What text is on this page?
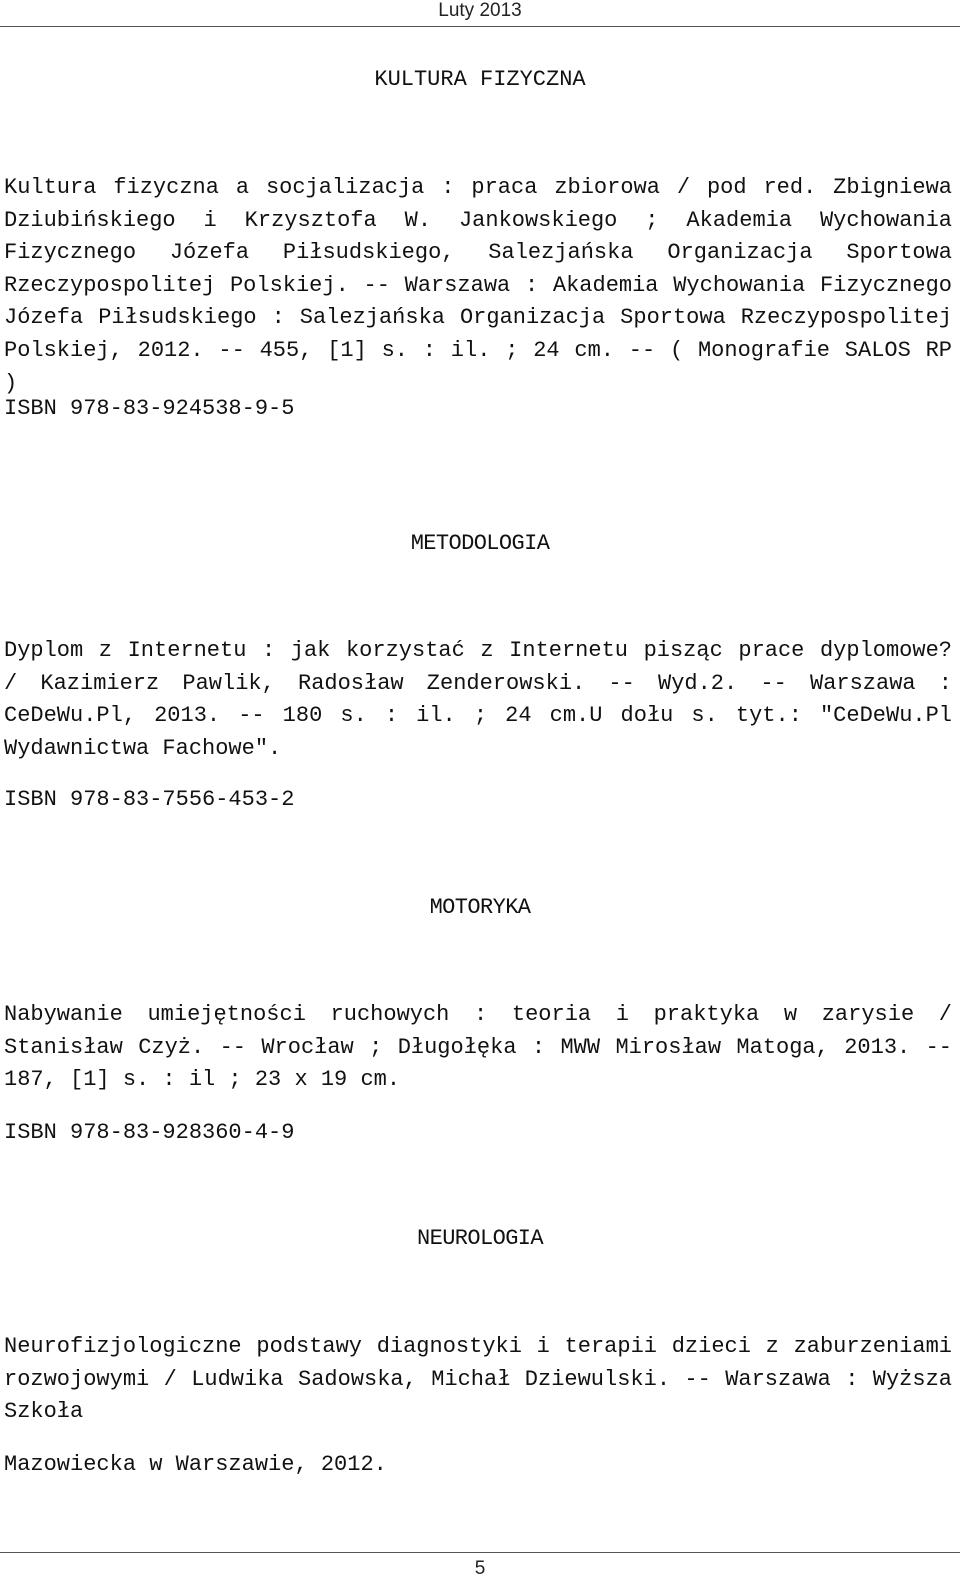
Luty 2013
KULTURA FIZYCZNA
Kultura fizyczna a socjalizacja : praca zbiorowa / pod red. Zbigniewa Dziubińskiego i Krzysztofa W. Jankowskiego ; Akademia Wychowania Fizycznego Józefa Piłsudskiego, Salezjańska Organizacja Sportowa Rzeczypospolitej Polskiej. -- Warszawa : Akademia Wychowania Fizycznego Józefa Piłsudskiego : Salezjańska Organizacja Sportowa Rzeczypospolitej Polskiej, 2012. -- 455, [1] s. : il. ; 24 cm. -- ( Monografie SALOS RP )
ISBN 978-83-924538-9-5
METODOLOGIA
Dyplom z Internetu : jak korzystać z Internetu pisząc prace dyplomowe? / Kazimierz Pawlik, Radosław Zenderowski. -- Wyd.2. -- Warszawa : CeDeWu.Pl, 2013. -- 180 s. : il. ; 24 cm.U dołu s. tyt.: "CeDeWu.Pl Wydawnictwa Fachowe".
ISBN 978-83-7556-453-2
MOTORYKA
Nabywanie umiejętności ruchowych : teoria i praktyka w zarysie / Stanisław Czyż. -- Wrocław ; Długołęka : MWW Mirosław Matoga, 2013. -- 187, [1] s. : il ; 23 x 19 cm.
ISBN 978-83-928360-4-9
NEUROLOGIA
Neurofizjologiczne podstawy diagnostyki i terapii dzieci z zaburzeniami rozwojowymi / Ludwika Sadowska, Michał Dziewulski. -- Warszawa : Wyższa Szkoła
Mazowiecka w Warszawie, 2012.
5
